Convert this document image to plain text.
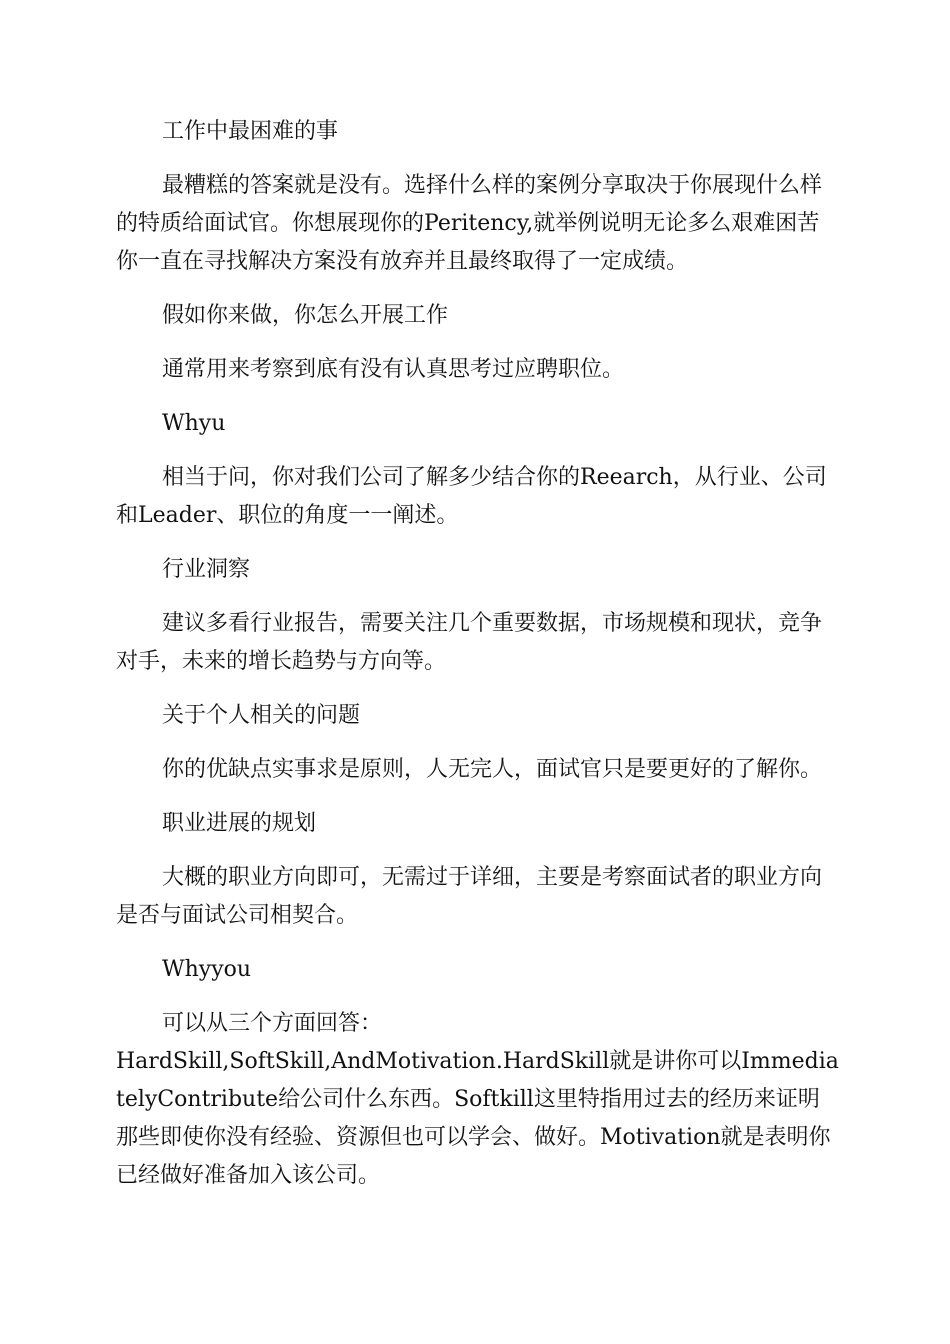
工作中最困难的事

最糟糕的答案就是没有。选择什么样的案例分享取决于你展现什么样的特质给面试官。你想展现你的Peritency,就举例说明无论多么艰难困苦你一直在寻找解决方案没有放弃并且最终取得了一定成绩。

假如你来做，你怎么开展工作

通常用来考察到底有没有认真思考过应聘职位。

Whyu

相当于问，你对我们公司了解多少结合你的Reearch，从行业、公司和Leader、职位的角度一一阐述。

行业洞察

建议多看行业报告，需要关注几个重要数据，市场规模和现状，竞争对手，未来的增长趋势与方向等。

关于个人相关的问题

你的优缺点实事求是原则，人无完人，面试官只是要更好的了解你。

职业进展的规划

大概的职业方向即可，无需过于详细，主要是考察面试者的职业方向是否与面试公司相契合。

Whyyou

可以从三个方面回答：

HardSkill,SoftSkill,AndMotivation.HardSkill就是讲你可以ImmediatelyContribute给公司什么东西。Softkill这里特指用过去的经历来证明那些即使你没有经验、资源但也可以学会、做好。Motivation就是表明你已经做好准备加入该公司。
